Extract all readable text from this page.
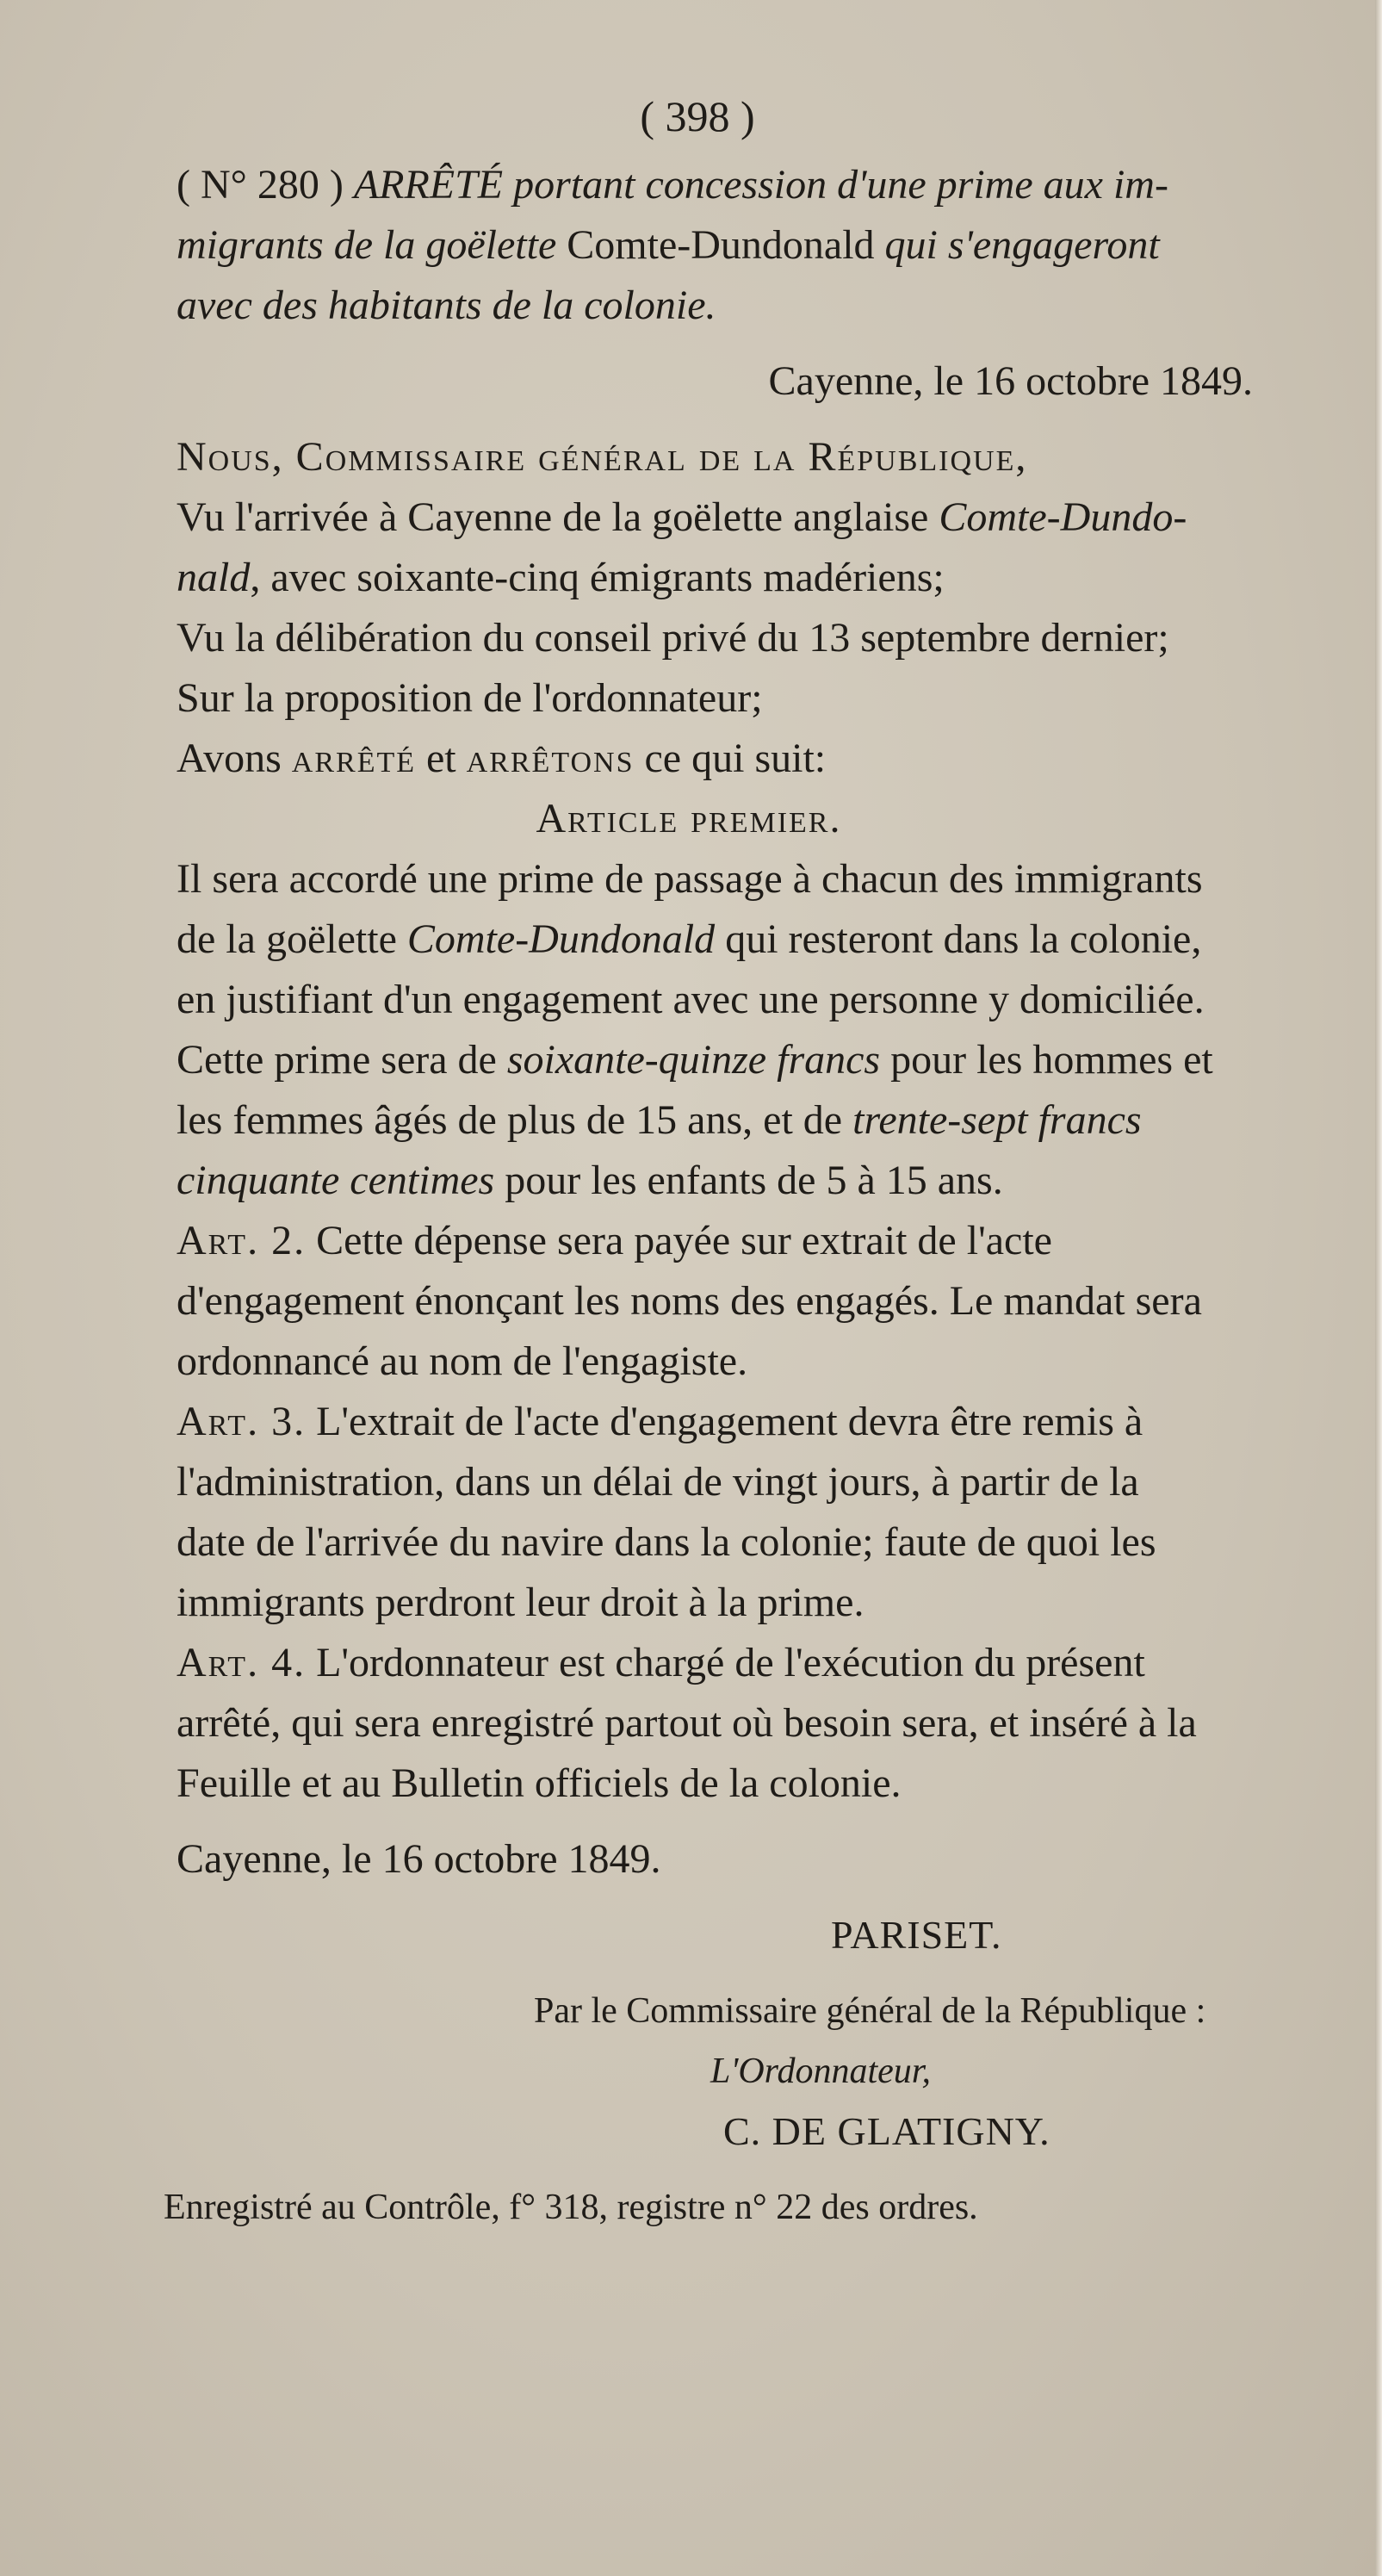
( 398 )
( N° 280 ) ARRÊTÉ portant concession d'une prime aux im-
migrants de la goëlette Comte-Dundonald qui s'engageront
avec des habitants de la colonie.
Cayenne, le 16 octobre 1849.
Nous, Commissaire général de la République,
Vu l'arrivée à Cayenne de la goëlette anglaise Comte-Dundo-
nald, avec soixante-cinq émigrants madériens;
Vu la délibération du conseil privé du 13 septembre dernier;
Sur la proposition de l'ordonnateur;
Avons arrêté et arrêtons ce qui suit:
Article premier.
Il sera accordé une prime de passage à chacun des immigrants
de la goëlette Comte-Dundonald qui resteront dans la colonie,
en justifiant d'un engagement avec une personne y domiciliée.
Cette prime sera de soixante-quinze francs pour les hommes et
les femmes âgés de plus de 15 ans, et de trente-sept francs
cinquante centimes pour les enfants de 5 à 15 ans.
Art. 2. Cette dépense sera payée sur extrait de l'acte
d'engagement énonçant les noms des engagés. Le mandat sera
ordonnancé au nom de l'engagiste.
Art. 3. L'extrait de l'acte d'engagement devra être remis à
l'administration, dans un délai de vingt jours, à partir de la
date de l'arrivée du navire dans la colonie; faute de quoi les
immigrants perdront leur droit à la prime.
Art. 4. L'ordonnateur est chargé de l'exécution du présent
arrêté, qui sera enregistré partout où besoin sera, et inséré à la
Feuille et au Bulletin officiels de la colonie.
Cayenne, le 16 octobre 1849.
PARISET.
Par le Commissaire général de la République :
L'Ordonnateur,
C. DE GLATIGNY.
Enregistré au Contrôle, f° 318, registre n° 22 des ordres.
